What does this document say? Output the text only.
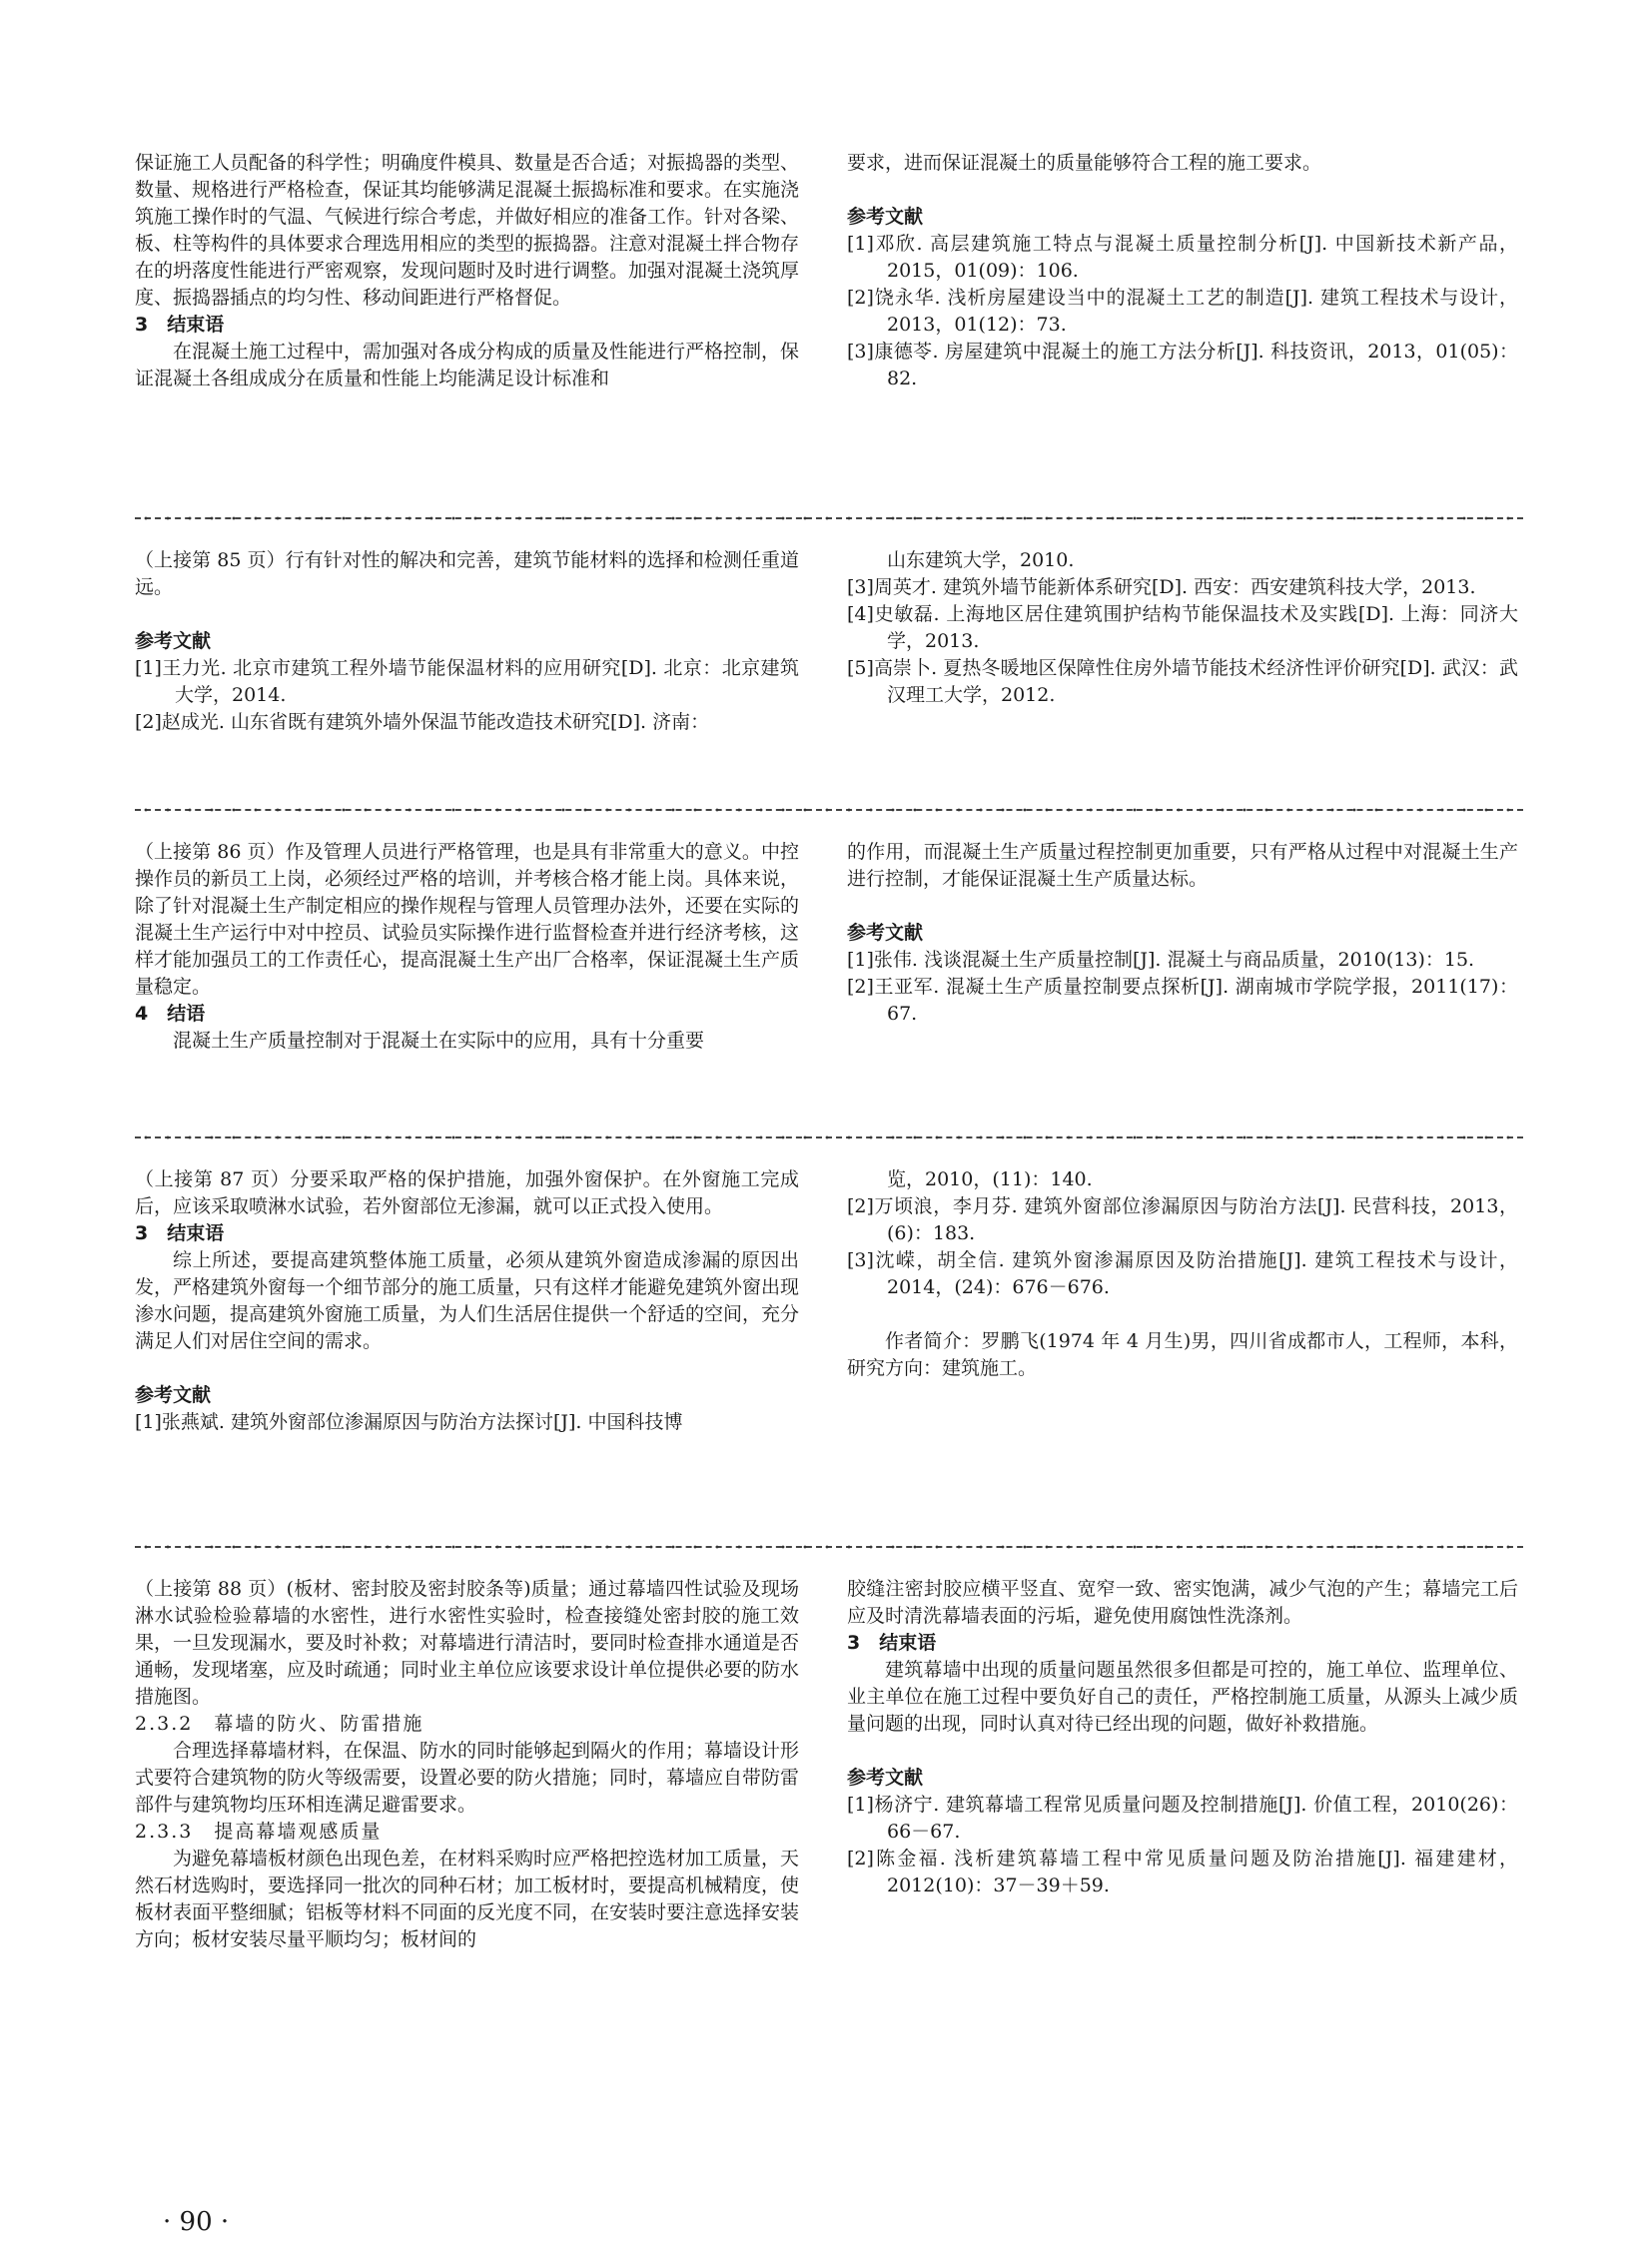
保证施工人员配备的科学性；明确度件模具、数量是否合适；对振捣器的类型、数量、规格进行严格检查，保证其均能够满足混凝土振捣标准和要求。在实施浇筑施工操作时的气温、气候进行综合考虑，并做好相应的准备工作。针对各梁、板、柱等构件的具体要求合理选用相应的类型的振捣器。注意对混凝土拌合物存在的坍落度性能进行严密观察，发现问题时及时进行调整。加强对混凝土浇筑厚度、振捣器插点的均匀性、移动间距进行严格督促。

3　结束语

在混凝土施工过程中，需加强对各成分构成的质量及性能进行严格控制，保证混凝土各组成成分在质量和性能上均能满足设计标准和

要求，进而保证混凝土的质量能够符合工程的施工要求。

参考文献

[1]邓欣. 高层建筑施工特点与混凝土质量控制分析[J]. 中国新技术新产品，2015，01(09)：106.

[2]饶永华. 浅析房屋建设当中的混凝土工艺的制造[J]. 建筑工程技术与设计，2013，01(12)：73.

[3]康德苓. 房屋建筑中混凝土的施工方法分析[J]. 科技资讯，2013，01(05)：82.

（上接第 85 页）行有针对性的解决和完善，建筑节能材料的选择和检测任重道远。

参考文献

[1]王力光. 北京市建筑工程外墙节能保温材料的应用研究[D]. 北京：北京建筑大学，2014.

[2]赵成光. 山东省既有建筑外墙外保温节能改造技术研究[D]. 济南：

山东建筑大学，2010.

[3]周英才. 建筑外墙节能新体系研究[D]. 西安：西安建筑科技大学，2013.

[4]史敏磊. 上海地区居住建筑围护结构节能保温技术及实践[D]. 上海：同济大学，2013.

[5]高崇卜. 夏热冬暖地区保障性住房外墙节能技术经济性评价研究[D]. 武汉：武汉理工大学，2012.

（上接第 86 页）作及管理人员进行严格管理，也是具有非常重大的意义。中控操作员的新员工上岗，必须经过严格的培训，并考核合格才能上岗。具体来说，除了针对混凝土生产制定相应的操作规程与管理人员管理办法外，还要在实际的混凝土生产运行中对中控员、试验员实际操作进行监督检查并进行经济考核，这样才能加强员工的工作责任心，提高混凝土生产出厂合格率，保证混凝土生产质量稳定。

4　结语

混凝土生产质量控制对于混凝土在实际中的应用，具有十分重要

的作用，而混凝土生产质量过程控制更加重要，只有严格从过程中对混凝土生产进行控制，才能保证混凝土生产质量达标。

参考文献

[1]张伟. 浅谈混凝土生产质量控制[J]. 混凝土与商品质量，2010(13)：15.

[2]王亚军. 混凝土生产质量控制要点探析[J]. 湖南城市学院学报，2011(17)：67.

（上接第 87 页）分要采取严格的保护措施，加强外窗保护。在外窗施工完成后，应该采取喷淋水试验，若外窗部位无渗漏，就可以正式投入使用。

3　结束语

综上所述，要提高建筑整体施工质量，必须从建筑外窗造成渗漏的原因出发，严格建筑外窗每一个细节部分的施工质量，只有这样才能避免建筑外窗出现渗水问题，提高建筑外窗施工质量，为人们生活居住提供一个舒适的空间，充分满足人们对居住空间的需求。

参考文献

[1]张燕斌. 建筑外窗部位渗漏原因与防治方法探讨[J]. 中国科技博

览，2010，(11)：140.

[2]万顷浪，李月芬. 建筑外窗部位渗漏原因与防治方法[J]. 民营科技，2013，(6)：183.

[3]沈嵘，胡全信. 建筑外窗渗漏原因及防治措施[J]. 建筑工程技术与设计，2014，(24)：676－676.

作者简介：罗鹏飞(1974 年 4 月生)男，四川省成都市人，工程师，本科，研究方向：建筑施工。

（上接第 88 页）(板材、密封胶及密封胶条等)质量；通过幕墙四性试验及现场淋水试验检验幕墙的水密性，进行水密性实验时，检查接缝处密封胶的施工效果，一旦发现漏水，要及时补救；对幕墙进行清洁时，要同时检查排水通道是否通畅，发现堵塞，应及时疏通；同时业主单位应该要求设计单位提供必要的防水措施图。

2.3.2　幕墙的防火、防雷措施

合理选择幕墙材料，在保温、防水的同时能够起到隔火的作用；幕墙设计形式要符合建筑物的防火等级需要，设置必要的防火措施；同时，幕墙应自带防雷部件与建筑物均压环相连满足避雷要求。

2.3.3　提高幕墙观感质量

为避免幕墙板材颜色出现色差，在材料采购时应严格把控选材加工质量，天然石材选购时，要选择同一批次的同种石材；加工板材时，要提高机械精度，使板材表面平整细腻；铝板等材料不同面的反光度不同，在安装时要注意选择安装方向；板材安装尽量平顺均匀；板材间的

胶缝注密封胶应横平竖直、宽窄一致、密实饱满，减少气泡的产生；幕墙完工后应及时清洗幕墙表面的污垢，避免使用腐蚀性洗涤剂。

3　结束语

建筑幕墙中出现的质量问题虽然很多但都是可控的，施工单位、监理单位、业主单位在施工过程中要负好自己的责任，严格控制施工质量，从源头上减少质量问题的出现，同时认真对待已经出现的问题，做好补救措施。

参考文献

[1]杨济宁. 建筑幕墙工程常见质量问题及控制措施[J]. 价值工程，2010(26)：66－67.

[2]陈金福. 浅析建筑幕墙工程中常见质量问题及防治措施[J]. 福建建材，2012(10)：37－39＋59.

· 90 ·
